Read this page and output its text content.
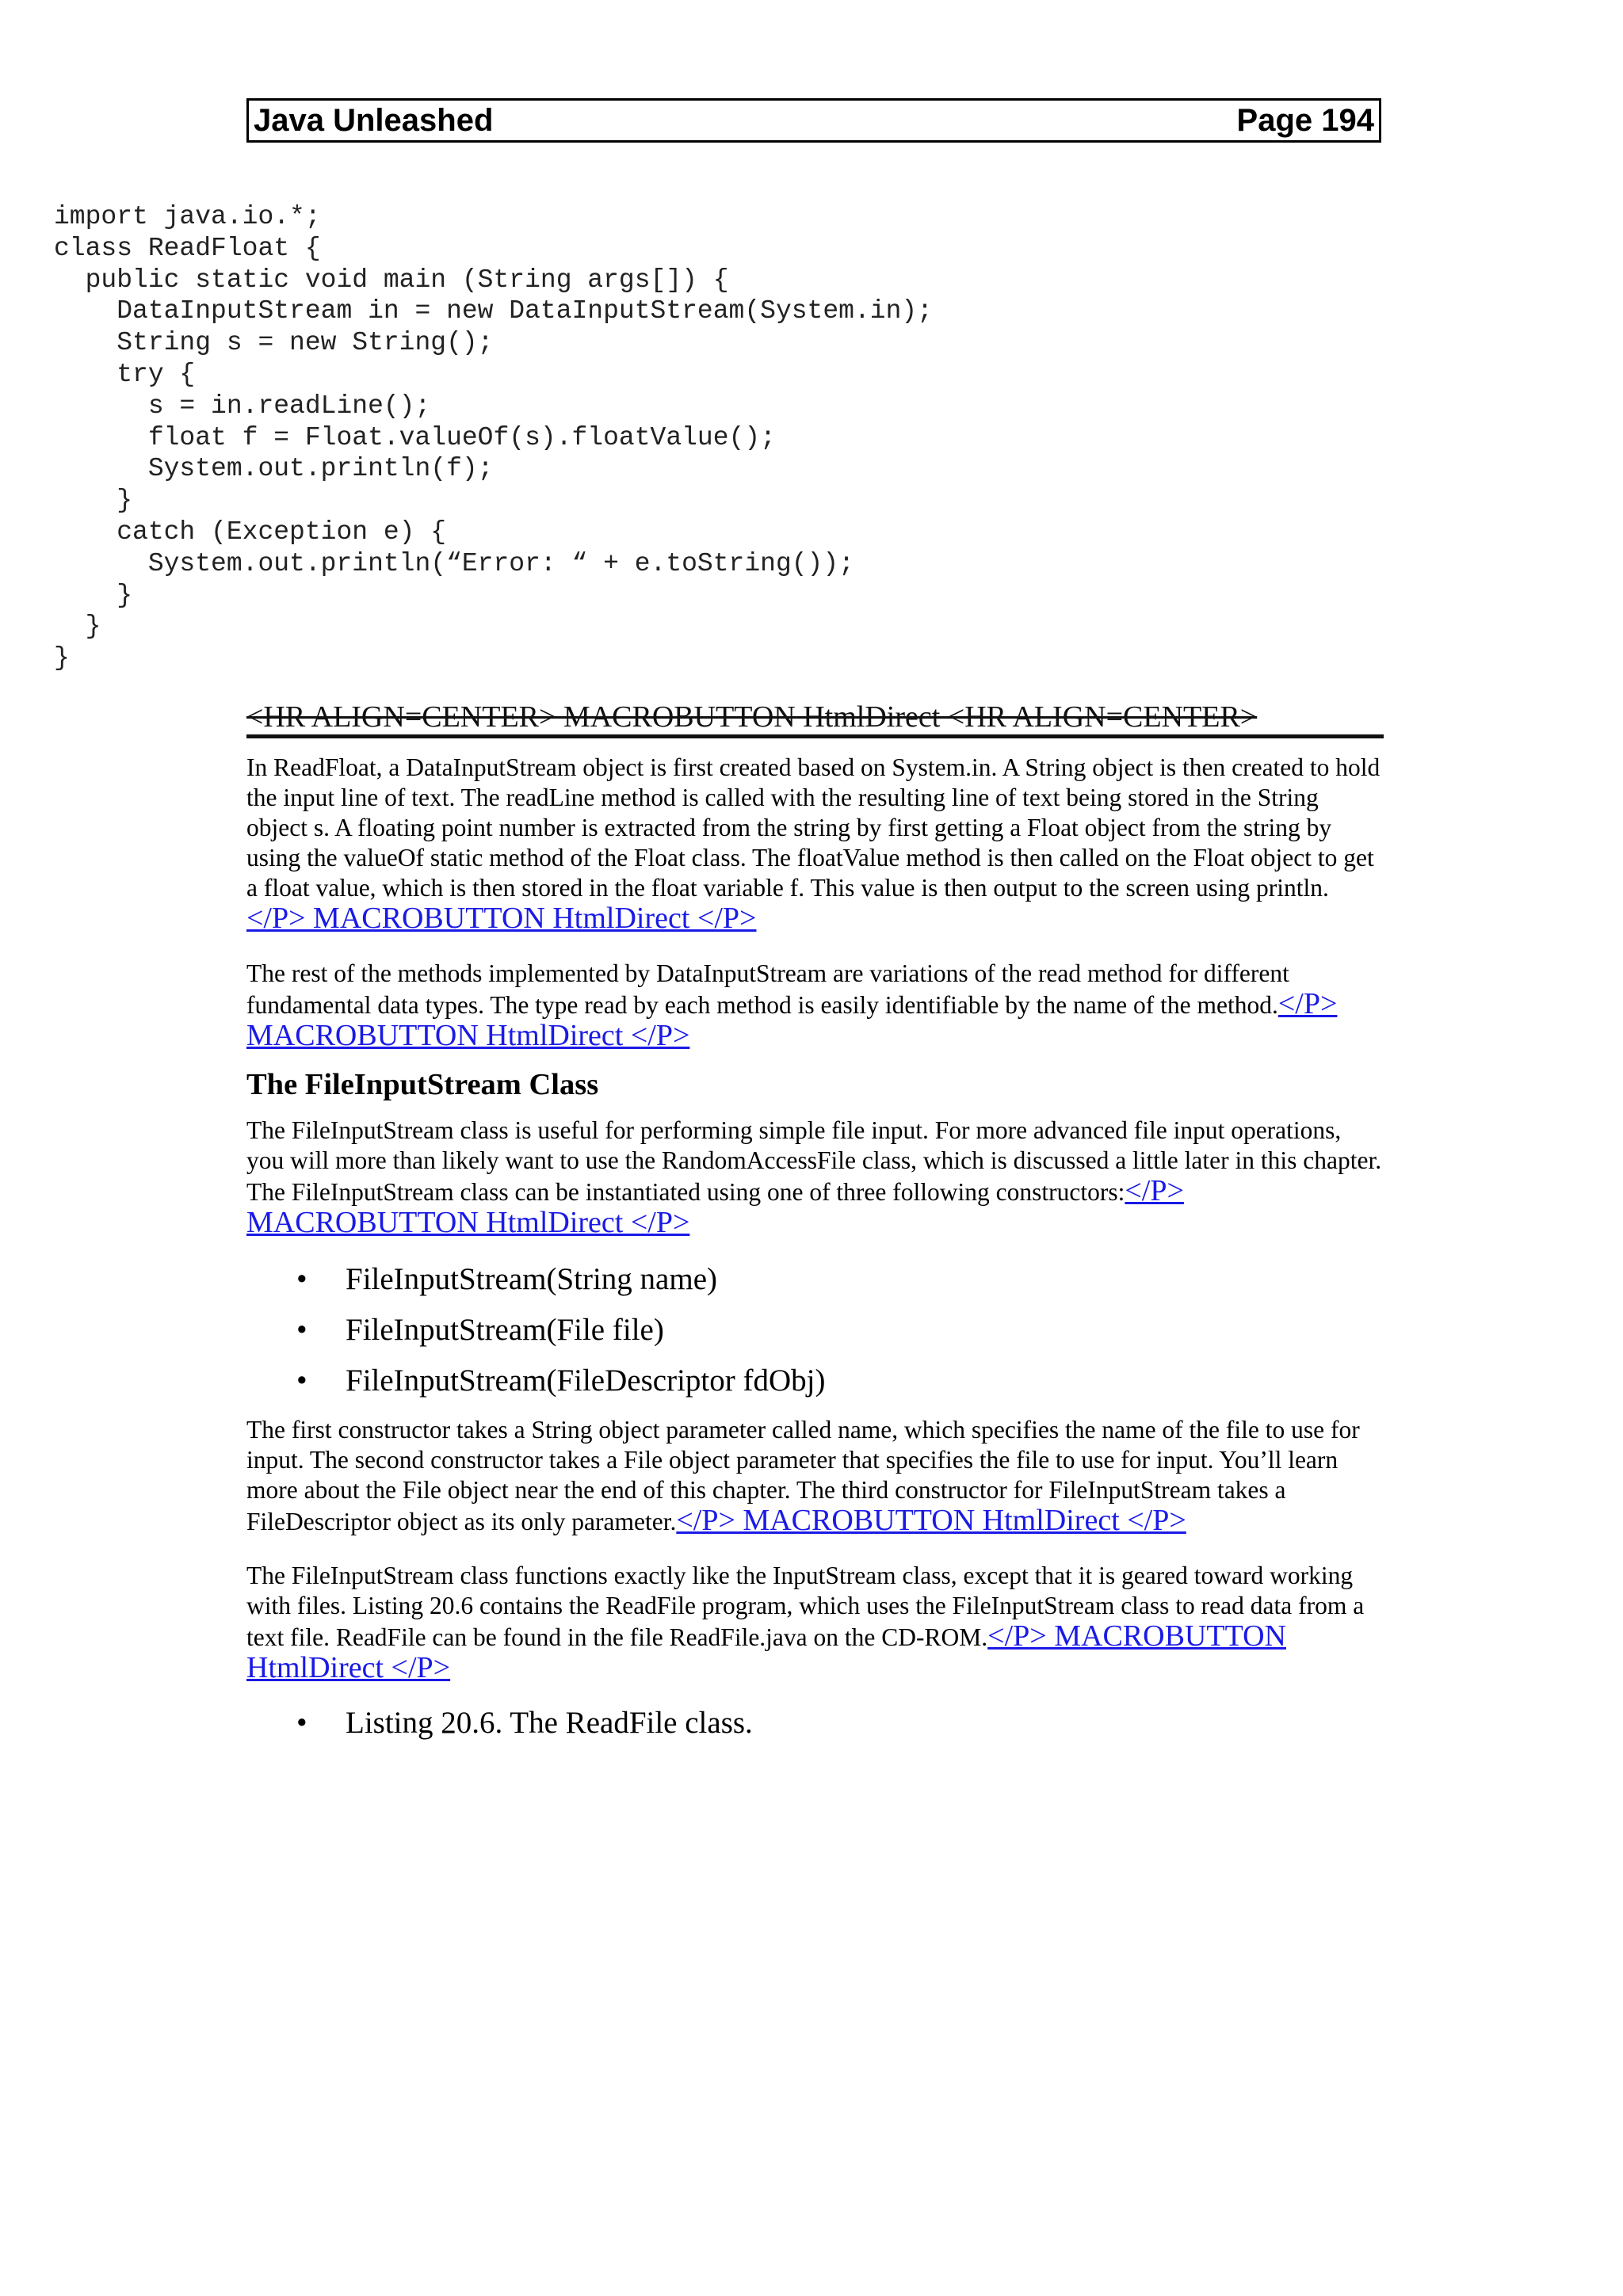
Java Unleashed	Page 194
import java.io.*;
class ReadFloat {
public static void main (String args[]) {
DataInputStream in = new DataInputStream(System.in);
String s = new String();
try {
s = in.readLine();
float f = Float.valueOf(s).floatValue();
System.out.println(f);
}
catch (Exception e) {
System.out.println(“Error: “ + e.toString());
}
}
}
<HR ALIGN=CENTER> MACROBUTTON HtmlDirect <HR ALIGN=CENTER>

In ReadFloat, a DataInputStream object is first created based on System.in. A String object is then created to hold the input line of text. The readLine method is called with the resulting line of text being stored in the String object s. A floating point number is extracted from the string by first getting a Float object from the string by using the valueOf static method of the Float class. The floatValue method is then called on the Float object to get a float value, which is then stored in the float variable f. This value is then output to the screen using println.</P> MACROBUTTON HtmlDirect </P>

The rest of the methods implemented by DataInputStream are variations of the read method for different fundamental data types. The type read by each method is easily identifiable by the name of the method.</P> MACROBUTTON HtmlDirect </P>

The FileInputStream Class

The FileInputStream class is useful for performing simple file input. For more advanced file input operations, you will more than likely want to use the RandomAccessFile class, which is discussed a little later in this chapter. The FileInputStream class can be instantiated using one of three following constructors:</P> MACROBUTTON HtmlDirect </P>

• FileInputStream(String name)
• FileInputStream(File file)
• FileInputStream(FileDescriptor fdObj)

The first constructor takes a String object parameter called name, which specifies the name of the file to use for input. The second constructor takes a File object parameter that specifies the file to use for input. You’ll learn more about the File object near the end of this chapter. The third constructor for FileInputStream takes a FileDescriptor object as its only parameter.</P> MACROBUTTON HtmlDirect </P>

The FileInputStream class functions exactly like the InputStream class, except that it is geared toward working with files. Listing 20.6 contains the ReadFile program, which uses the FileInputStream class to read data from a text file. ReadFile can be found in the file ReadFile.java on the CD-ROM.</P> MACROBUTTON HtmlDirect </P>

• Listing 20.6. The ReadFile class.
